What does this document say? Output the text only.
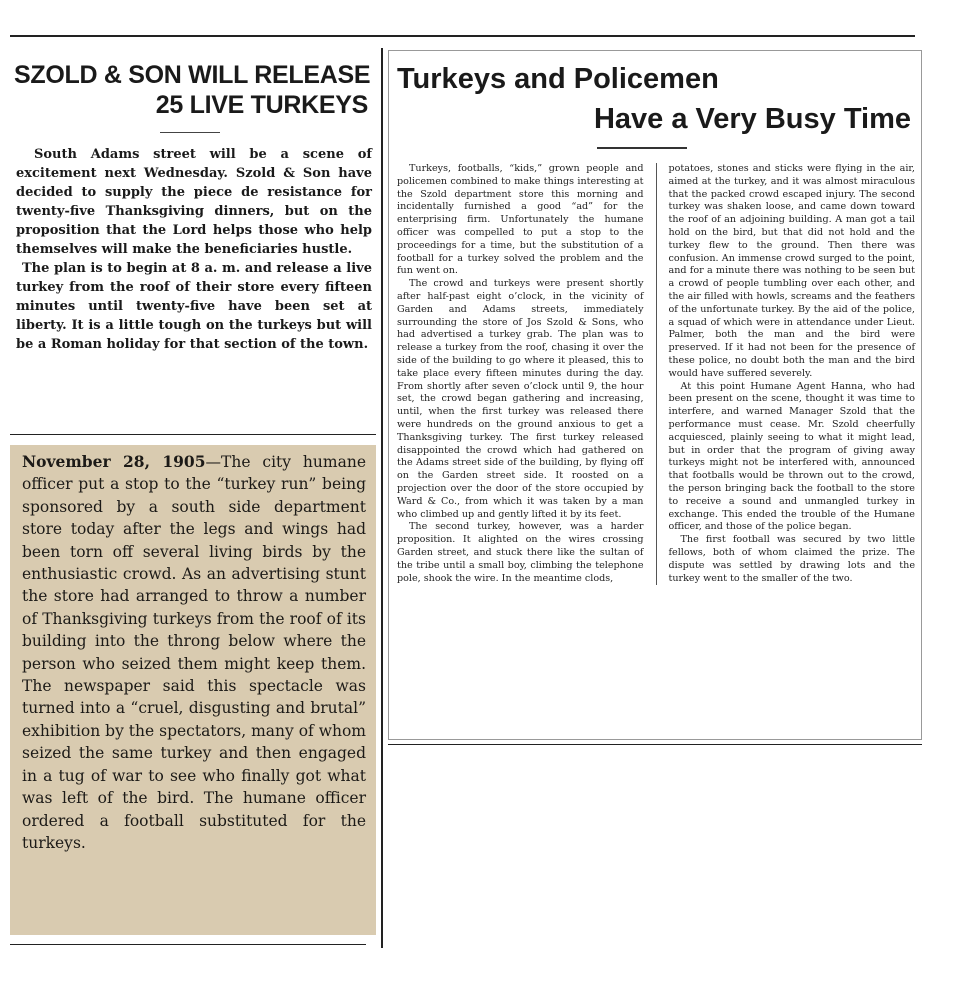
SZOLD & SON WILL RELEASE
25 LIVE TURKEYS

South Adams street will be a scene of excitement next Wednesday. Szold & Son have decided to supply the piece de resistance for twenty-five Thanksgiving dinners, but on the proposition that the Lord helps those who help themselves will make the beneficiaries hustle.

The plan is to begin at 8 a. m. and release a live turkey from the roof of their store every fifteen minutes until twenty-five have been set at liberty. It is a little tough on the turkeys but will be a Roman holiday for that section of the town.

November 28, 1905—The city humane officer put a stop to the “turkey run” being sponsored by a south side department store today after the legs and wings had been torn off several living birds by the enthusiastic crowd. As an advertising stunt the store had arranged to throw a number of Thanksgiving turkeys from the roof of its building into the throng below where the person who seized them might keep them. The newspaper said this spectacle was turned into a “cruel, disgusting and brutal” exhibition by the spectators, many of whom seized the same turkey and then engaged in a tug of war to see who finally got what was left of the bird. The humane officer ordered a football substituted for the turkeys.
Turkeys and Policemen
Have a Very Busy Time

Turkeys, footballs, “kids,” grown people and policemen combined to make things interesting at the Szold department store this morning and incidentally furnished a good “ad” for the enterprising firm. Unfortunately the humane officer was compelled to put a stop to the proceedings for a time, but the substitution of a football for a turkey solved the problem and the fun went on.

The crowd and turkeys were present shortly after half-past eight o’clock, in the vicinity of Garden and Adams streets, immediately surrounding the store of Jos Szold & Sons, who had advertised a turkey grab. The plan was to release a turkey from the roof, chasing it over the side of the building to go where it pleased, this to take place every fifteen minutes during the day. From shortly after seven o’clock until 9, the hour set, the crowd began gathering and increasing, until, when the first turkey was released there were hundreds on the ground anxious to get a Thanksgiving turkey. The first turkey released disappointed the crowd which had gathered on the Adams street side of the building, by flying off on the Garden street side. It roosted on a projection over the door of the store occupied by Ward & Co., from which it was taken by a man who climbed up and gently lifted it by its feet.

The second turkey, however, was a harder proposition. It alighted on the wires crossing Garden street, and stuck there like the sultan of the tribe until a small boy, climbing the telephone pole, shook the wire. In the meantime clods,

potatoes, stones and sticks were flying in the air, aimed at the turkey, and it was almost miraculous that the packed crowd escaped injury. The second turkey was shaken loose, and came down toward the roof of an adjoining building. A man got a tail hold on the bird, but that did not hold and the turkey flew to the ground. Then there was confusion. An immense crowd surged to the point, and for a minute there was nothing to be seen but a crowd of people tumbling over each other, and the air filled with howls, screams and the feathers of the unfortunate turkey. By the aid of the police, a squad of which were in attendance under Lieut. Palmer, both the man and the bird were preserved. If it had not been for the presence of these police, no doubt both the man and the bird would have suffered severely.

At this point Humane Agent Hanna, who had been present on the scene, thought it was time to interfere, and warned Manager Szold that the performance must cease. Mr. Szold cheerfully acquiesced, plainly seeing to what it might lead, but in order that the program of giving away turkeys might not be interfered with, announced that footballs would be thrown out to the crowd, the person bringing back the football to the store to receive a sound and unmangled turkey in exchange. This ended the trouble of the Humane officer, and those of the police began.

The first football was secured by two little fellows, both of whom claimed the prize. The dispute was settled by drawing lots and the turkey went to the smaller of the two.
